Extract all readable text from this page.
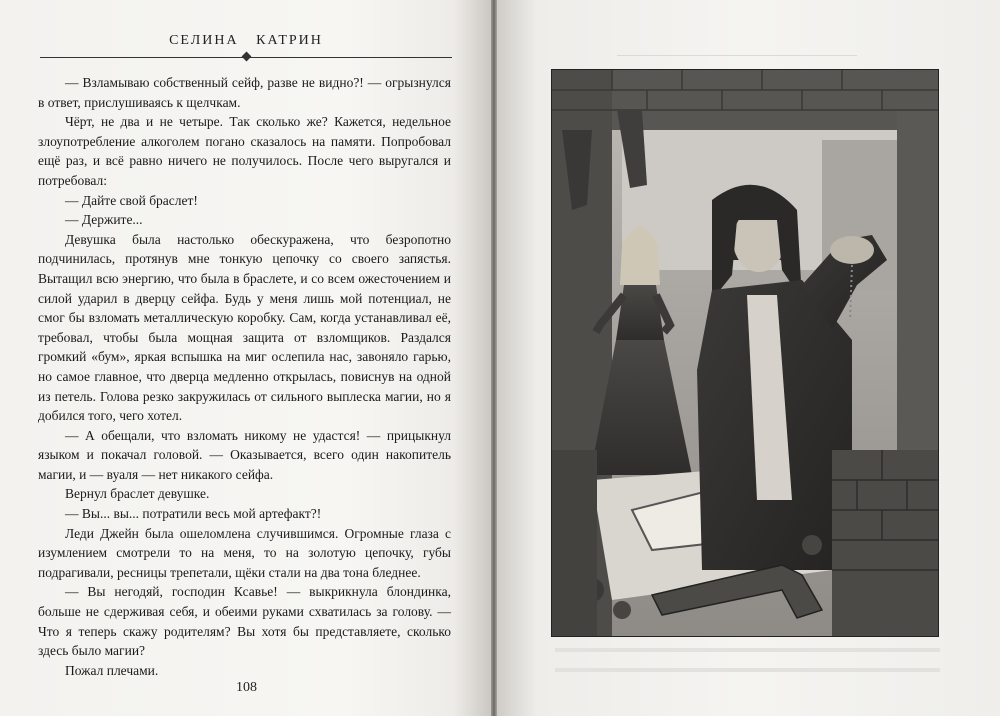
СЕЛИНА КАТРИН

— Взламываю собственный сейф, разве не видно?! — огрызнулся в ответ, прислушиваясь к щелчкам.

Чёрт, не два и не четыре. Так сколько же? Кажется, недельное злоупотребление алкоголем погано сказалось на памяти. Попробовал ещё раз, и всё равно ничего не получилось. После чего выругался и потребовал:

— Дайте свой браслет!

— Держите...

Девушка была настолько обескуражена, что безропотно подчинилась, протянув мне тонкую цепочку со своего запястья. Вытащил всю энергию, что была в браслете, и со всем ожесточением и силой ударил в дверцу сейфа. Будь у меня лишь мой потенциал, не смог бы взломать металлическую коробку. Сам, когда устанавливал её, требовал, чтобы была мощная защита от взломщиков. Раздался громкий «бум», яркая вспышка на миг ослепила нас, завоняло гарью, но самое главное, что дверца медленно открылась, повиснув на одной из петель. Голова резко закружилась от сильного выплеска магии, но я добился того, чего хотел.

— А обещали, что взломать никому не удастся! — прицыкнул языком и покачал головой. — Оказывается, всего один накопитель магии, и — вуаля — нет никакого сейфа.

Вернул браслет девушке.

— Вы... вы... потратили весь мой артефакт?!

Леди Джейн была ошеломлена случившимся. Огромные глаза с изумлением смотрели то на меня, то на золотую цепочку, губы подрагивали, ресницы трепетали, щёки стали на два тона бледнее.

— Вы негодяй, господин Ксавье! — выкрикнула блондинка, больше не сдерживая себя, и обеими руками схватилась за голову. — Что я теперь скажу родителям? Вы хотя бы представляете, сколько здесь было магии?

Пожал плечами.

108
